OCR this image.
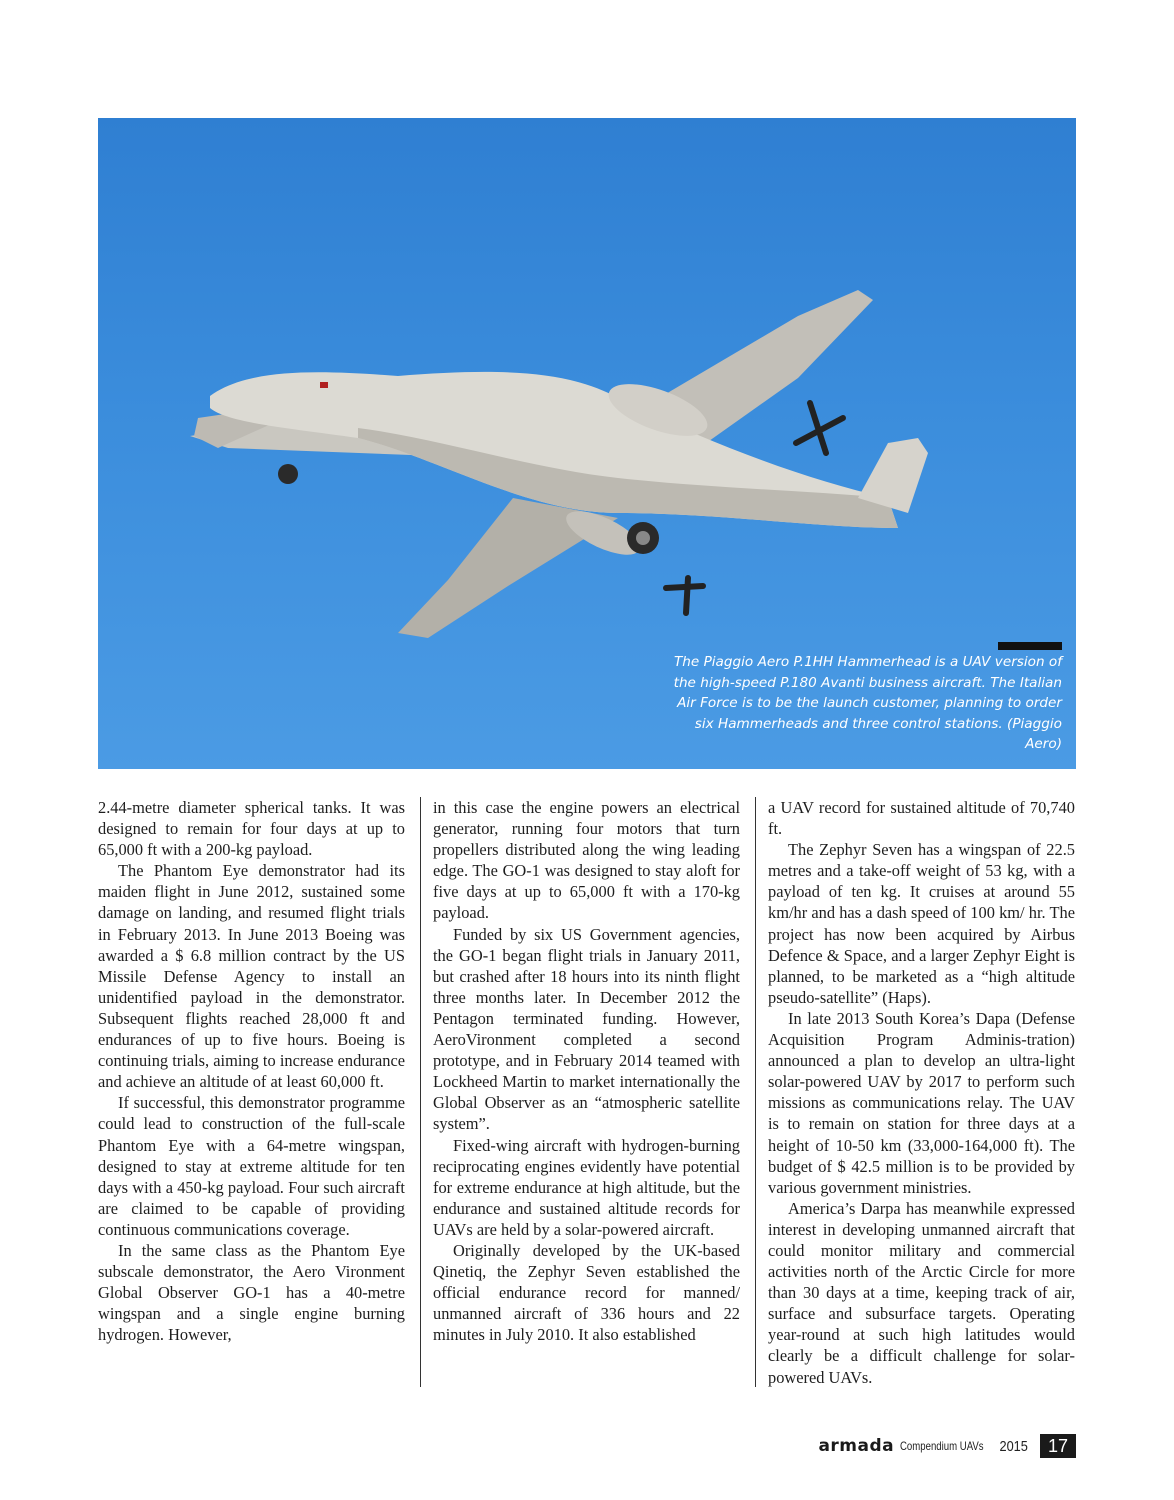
The Piaggio Aero P.1HH Hammerhead is a UAV version of the high-speed P.180 Avanti business aircraft. The Italian Air Force is to be the launch customer, planning to order six Hammerheads and three control stations. (Piaggio Aero)

2.44-metre diameter spherical tanks. It was designed to remain for four days at up to 65,000 ft with a 200-kg payload.

The Phantom Eye demonstrator had its maiden flight in June 2012, sustained some damage on landing, and resumed flight trials in February 2013. In June 2013 Boeing was awarded a $ 6.8 million contract by the US Missile Defense Agency to install an unidentified payload in the demonstrator. Subsequent flights reached 28,000 ft and endurances of up to five hours. Boeing is continuing trials, aiming to increase endurance and achieve an altitude of at least 60,000 ft.

If successful, this demonstrator programme could lead to construction of the full-scale Phantom Eye with a 64-metre wingspan, designed to stay at extreme altitude for ten days with a 450-kg payload. Four such aircraft are claimed to be capable of providing continuous communications coverage.

In the same class as the Phantom Eye subscale demonstrator, the Aero Vironment Global Observer GO-1 has a 40-metre wingspan and a single engine burning hydrogen. However,

in this case the engine powers an electrical generator, running four motors that turn propellers distributed along the wing leading edge. The GO-1 was designed to stay aloft for five days at up to 65,000 ft with a 170-kg payload.

Funded by six US Government agencies, the GO-1 began flight trials in January 2011, but crashed after 18 hours into its ninth flight three months later. In December 2012 the Pentagon terminated funding. However, AeroVironment completed a second prototype, and in February 2014 teamed with Lockheed Martin to market internationally the Global Observer as an “atmospheric satellite system”.

Fixed-wing aircraft with hydrogen-burning reciprocating engines evidently have potential for extreme endurance at high altitude, but the endurance and sustained altitude records for UAVs are held by a solar-powered aircraft.

Originally developed by the UK-based Qinetiq, the Zephyr Seven established the official endurance record for manned/ unmanned aircraft of 336 hours and 22 minutes in July 2010. It also established

a UAV record for sustained altitude of 70,740 ft.

The Zephyr Seven has a wingspan of 22.5 metres and a take-off weight of 53 kg, with a payload of ten kg. It cruises at around 55 km/hr and has a dash speed of 100 km/ hr. The project has now been acquired by Airbus Defence & Space, and a larger Zephyr Eight is planned, to be marketed as a “high altitude pseudo-satellite” (Haps).

In late 2013 South Korea’s Dapa (Defense Acquisition Program Adminis-tration) announced a plan to develop an ultra-light solar-powered UAV by 2017 to perform such missions as communications relay. The UAV is to remain on station for three days at a height of 10-50 km (33,000-164,000 ft). The budget of $ 42.5 million is to be provided by various government ministries.

America’s Darpa has meanwhile expressed interest in developing unmanned aircraft that could monitor military and commercial activities north of the Arctic Circle for more than 30 days at a time, keeping track of air, surface and subsurface targets. Operating year-round at such high latitudes would clearly be a difficult challenge for solar-powered UAVs.

armada Compendium UAVs 2015	17
